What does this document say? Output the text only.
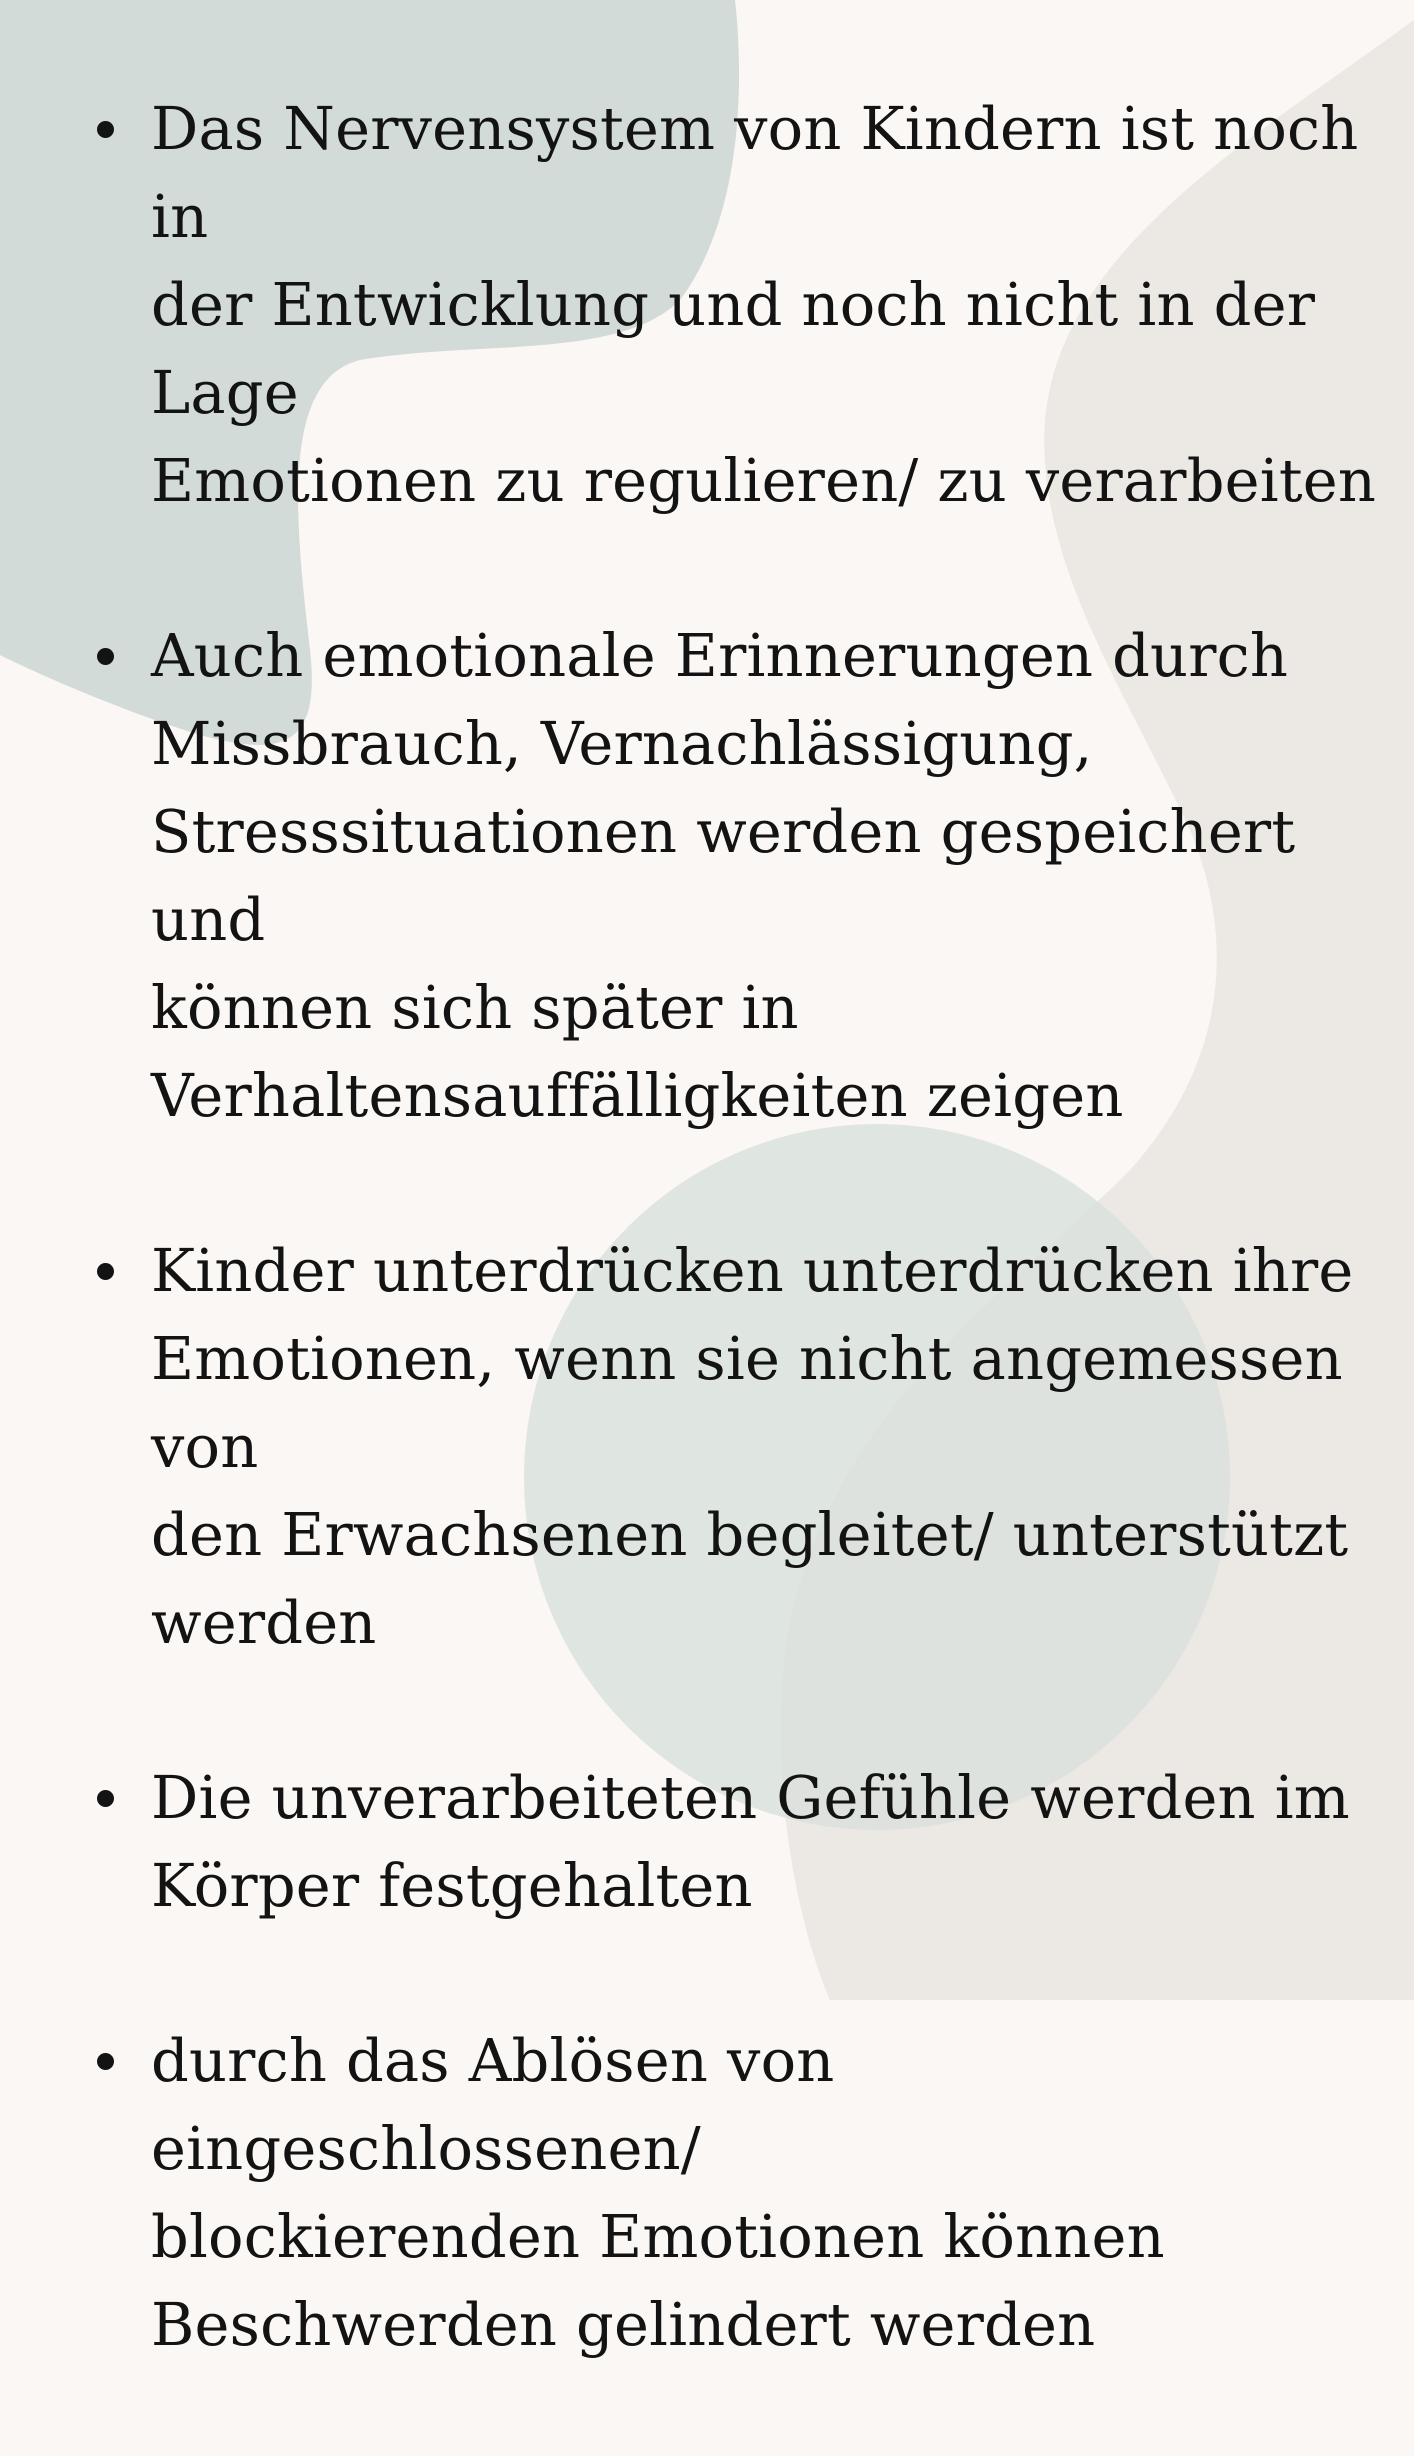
Das Nervensystem von Kindern ist noch in
der Entwicklung und noch nicht in der Lage
Emotionen zu regulieren/ zu verarbeiten
Auch emotionale Erinnerungen durch
Missbrauch, Vernachlässigung,
Stresssituationen werden gespeichert und
können sich später in
Verhaltensauffälligkeiten zeigen
Kinder unterdrücken unterdrücken ihre
Emotionen, wenn sie nicht angemessen von
den Erwachsenen begleitet/ unterstützt
werden
Die unverarbeiteten Gefühle werden im
Körper festgehalten
durch das Ablösen von eingeschlossenen/
blockierenden Emotionen können
Beschwerden gelindert werden
